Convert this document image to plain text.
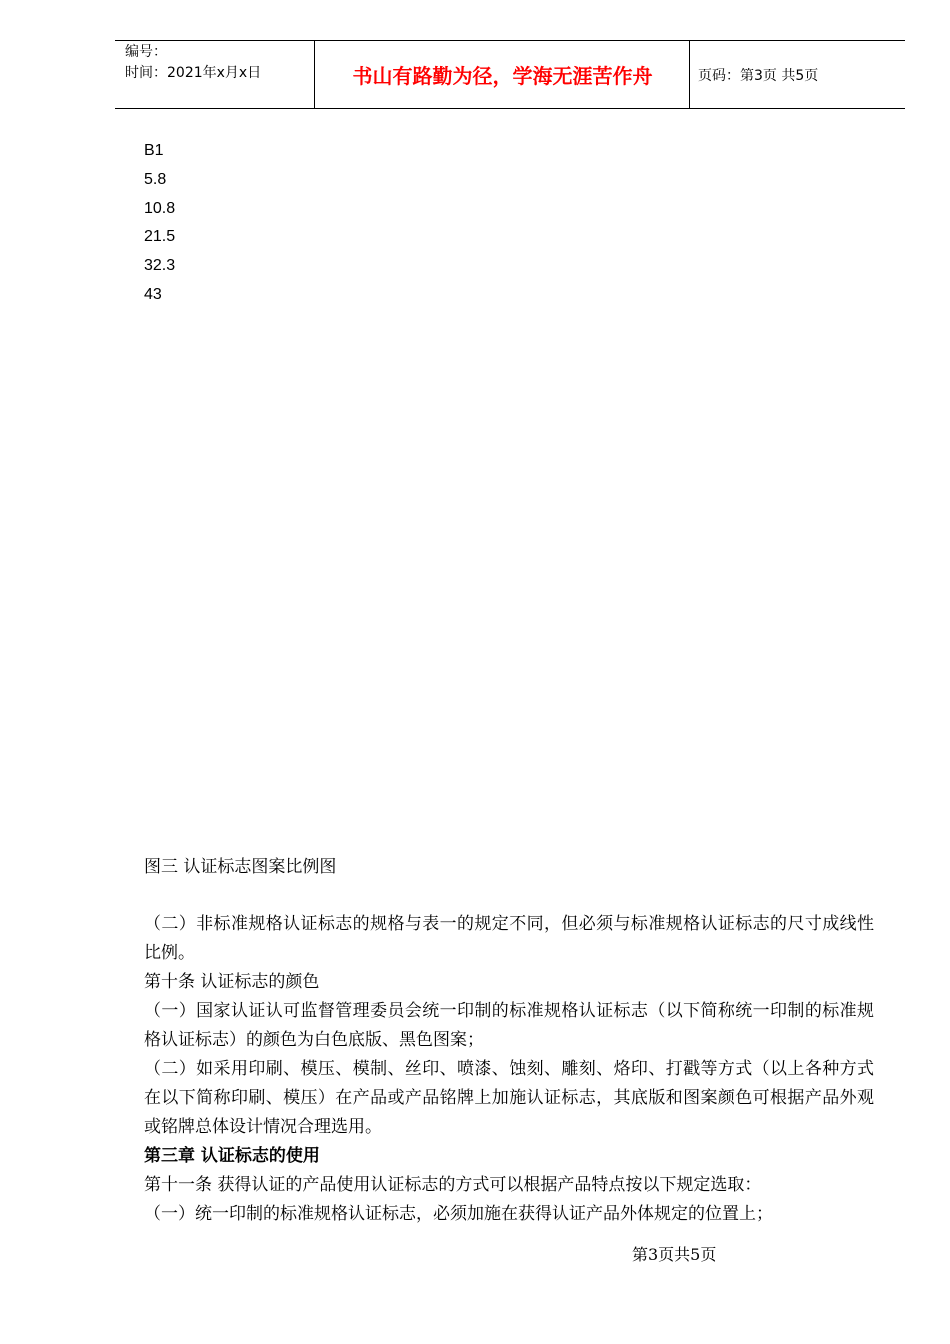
编号：
时间：2021年x月x日	书山有路勤为径，学海无涯苦作舟	页码：第3页 共5页
B1
5.8
10.8
21.5
32.3
43
图三 认证标志图案比例图

（二）非标准规格认证标志的规格与表一的规定不同，但必须与标准规格认证标志的尺寸成线性比例。

第十条 认证标志的颜色

（一）国家认证认可监督管理委员会统一印制的标准规格认证标志（以下简称统一印制的标准规格认证标志）的颜色为白色底版、黑色图案；

（二）如采用印刷、模压、模制、丝印、喷漆、蚀刻、雕刻、烙印、打戳等方式（以上各种方式在以下简称印刷、模压）在产品或产品铭牌上加施认证标志，其底版和图案颜色可根据产品外观或铭牌总体设计情况合理选用。

第三章 认证标志的使用

第十一条 获得认证的产品使用认证标志的方式可以根据产品特点按以下规定选取：

（一）统一印制的标准规格认证标志，必须加施在获得认证产品外体规定的位置上；

第3页共5页
